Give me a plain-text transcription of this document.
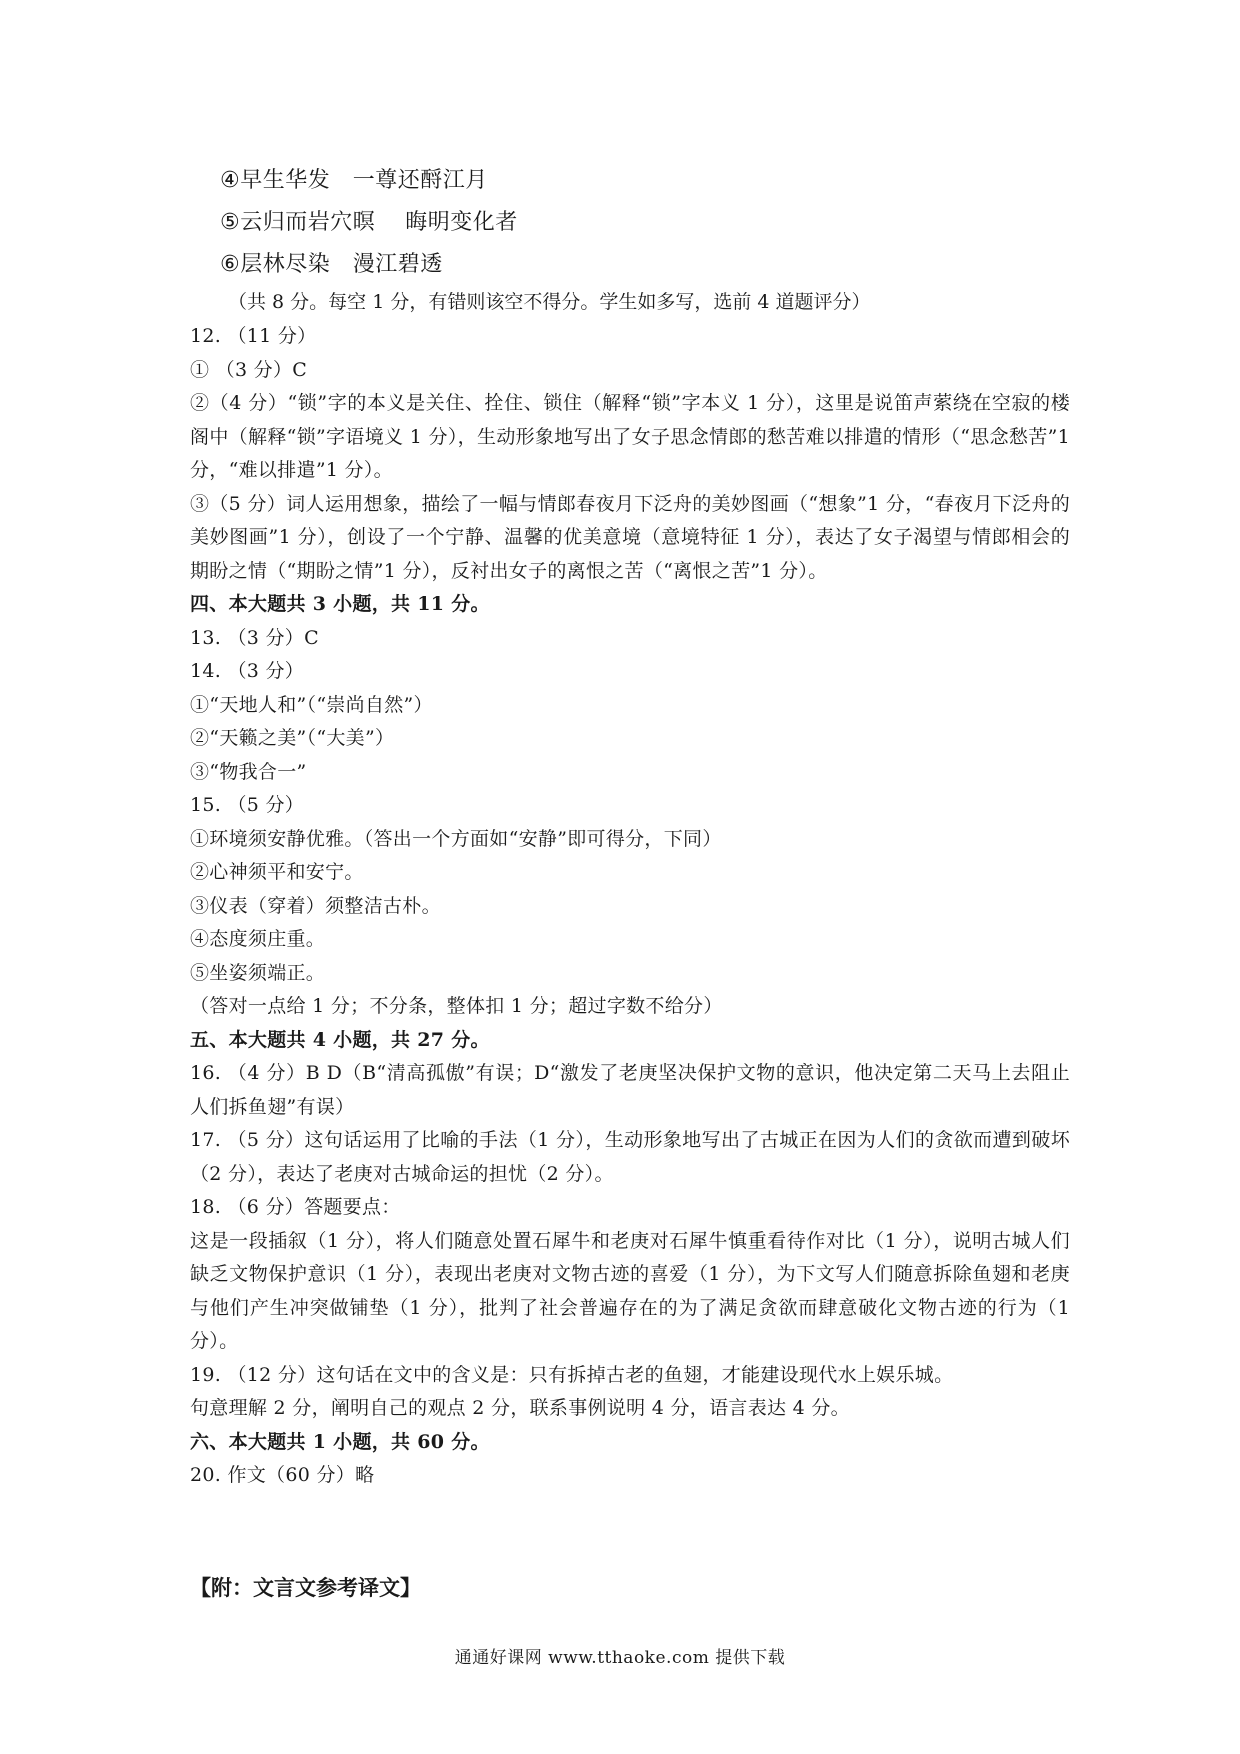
④早生华发　一尊还酹江月
⑤云归而岩穴暝　 晦明变化者
⑥层林尽染　漫江碧透
（共 8 分。每空 1 分，有错则该空不得分。学生如多写，选前 4 道题评分）
12. （11 分）
① （3 分）C
②（4 分）“锁”字的本义是关住、拴住、锁住（解释“锁”字本义 1 分），这里是说笛声萦绕在空寂的楼阁中（解释“锁”字语境义 1 分），生动形象地写出了女子思念情郎的愁苦难以排遣的情形（“思念愁苦”1 分，“难以排遣”1 分）。
③（5 分）词人运用想象，描绘了一幅与情郎春夜月下泛舟的美妙图画（“想象”1 分，“春夜月下泛舟的美妙图画”1 分），创设了一个宁静、温馨的优美意境（意境特征 1 分），表达了女子渴望与情郎相会的期盼之情（“期盼之情”1 分），反衬出女子的离恨之苦（“离恨之苦”1 分）。
四、本大题共 3 小题，共 11 分。
13. （3 分）C
14. （3 分）
①“天地人和”（“崇尚自然”）
②“天籁之美”（“大美”）
③“物我合一”
15. （5 分）
①环境须安静优雅。（答出一个方面如“安静”即可得分，下同）
②心神须平和安宁。
③仪表（穿着）须整洁古朴。
④态度须庄重。
⑤坐姿须端正。
（答对一点给 1 分；不分条，整体扣 1 分；超过字数不给分）
五、本大题共 4 小题，共 27 分。
16. （4 分）B D（B“清高孤傲”有误；D“激发了老庚坚决保护文物的意识，他决定第二天马上去阻止人们拆鱼翅”有误）
17. （5 分）这句话运用了比喻的手法（1 分），生动形象地写出了古城正在因为人们的贪欲而遭到破坏（2 分），表达了老庚对古城命运的担忧（2 分）。
18. （6 分）答题要点：
这是一段插叙（1 分），将人们随意处置石犀牛和老庚对石犀牛慎重看待作对比（1 分），说明古城人们缺乏文物保护意识（1 分），表现出老庚对文物古迹的喜爱（1 分），为下文写人们随意拆除鱼翅和老庚与他们产生冲突做铺垫（1 分），批判了社会普遍存在的为了满足贪欲而肆意破化文物古迹的行为（1 分）。
19. （12 分）这句话在文中的含义是：只有拆掉古老的鱼翅，才能建设现代水上娱乐城。
句意理解 2 分，阐明自己的观点 2 分，联系事例说明 4 分，语言表达 4 分。
六、本大题共 1 小题，共 60 分。
20. 作文（60 分）略
【附：文言文参考译文】
通通好课网 www.tthaoke.com 提供下载
